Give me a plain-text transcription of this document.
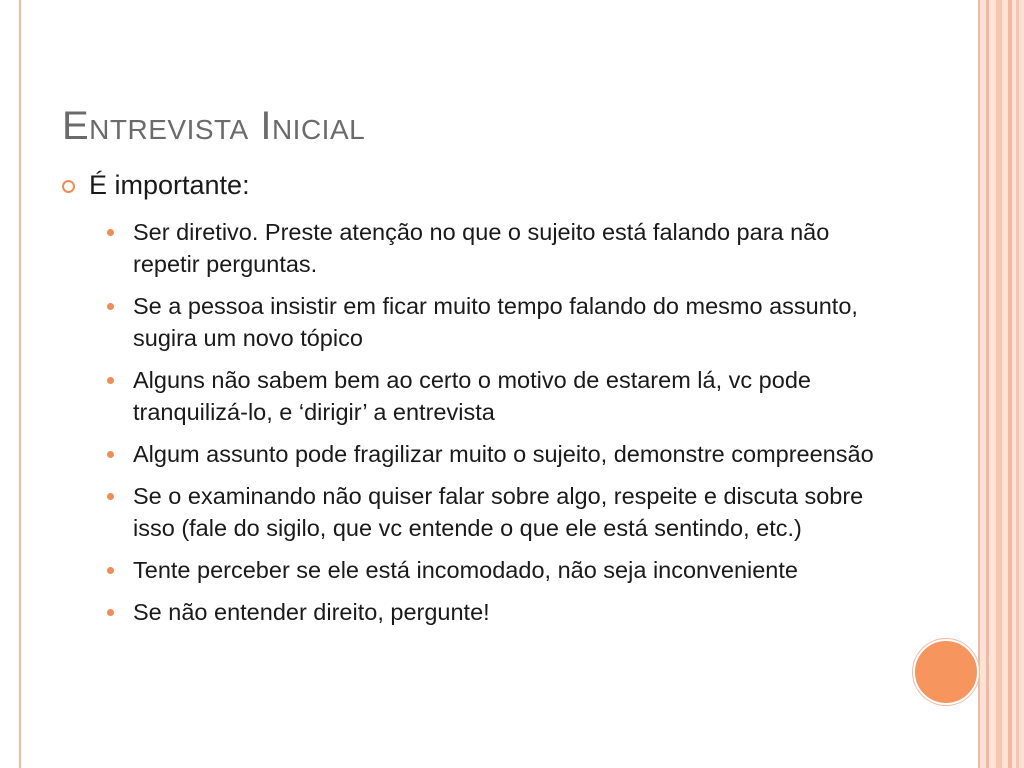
Entrevista Inicial
É importante:
Ser diretivo. Preste atenção no que o sujeito está falando para não repetir perguntas.
Se a pessoa insistir em ficar muito tempo falando do mesmo assunto, sugira um novo tópico
Alguns não sabem bem ao certo o motivo de estarem lá, vc pode tranquilizá-lo, e ‘dirigir’ a entrevista
Algum assunto pode fragilizar muito o sujeito, demonstre compreensão
Se o examinando não quiser falar sobre algo, respeite e discuta sobre isso (fale do sigilo, que vc entende o que ele está sentindo, etc.)
Tente perceber se ele está incomodado, não seja inconveniente
Se não entender direito, pergunte!
